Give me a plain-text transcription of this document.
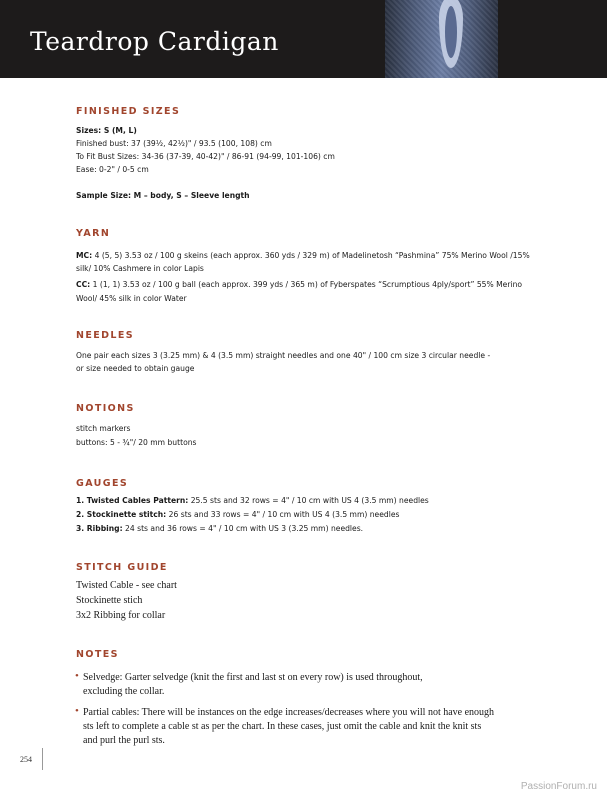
Teardrop Cardigan
FINISHED SIZES
Sizes: S (M, L)
Finished bust: 37 (39½, 42½)" / 93.5 (100, 108) cm
To Fit Bust Sizes: 34-36 (37-39, 40-42)" / 86-91 (94-99, 101-106) cm
Ease: 0-2" / 0-5 cm
Sample Size: M – body, S – Sleeve length
YARN
MC: 4 (5, 5) 3.53 oz / 100 g skeins (each approx. 360 yds / 329 m) of Madelinetosh “Pashmina” 75% Merino Wool /15%
silk/ 10% Cashmere in color Lapis
CC: 1 (1, 1) 3.53 oz / 100 g ball (each approx. 399 yds / 365 m) of Fyberspates “Scrumptious 4ply/sport” 55% Merino
Wool/ 45% silk in color Water
NEEDLES
One pair each sizes 3 (3.25 mm) & 4 (3.5 mm) straight needles and one 40" / 100 cm size 3 circular needle -
or size needed to obtain gauge
NOTIONS
stitch markers
buttons: 5 - ¾"/ 20 mm buttons
GAUGES
1. Twisted Cables Pattern: 25.5 sts and 32 rows = 4" / 10 cm with US 4 (3.5 mm) needles
2. Stockinette stitch: 26 sts and 33 rows = 4" / 10 cm with US 4 (3.5 mm) needles
3. Ribbing: 24 sts and 36 rows = 4" / 10 cm with US 3 (3.25 mm) needles.
STITCH GUIDE
Twisted Cable - see chart
Stockinette stich
3x2 Ribbing for collar
NOTES
• Selvedge: Garter selvedge (knit the first and last st on every row) is used throughout,
excluding the collar.
• Partial cables: There will be instances on the edge increases/decreases where you will not have enough
sts left to complete a cable st as per the chart. In these cases, just omit the cable and knit the knit sts
and purl the purl sts.
254
PassionForum.ru
